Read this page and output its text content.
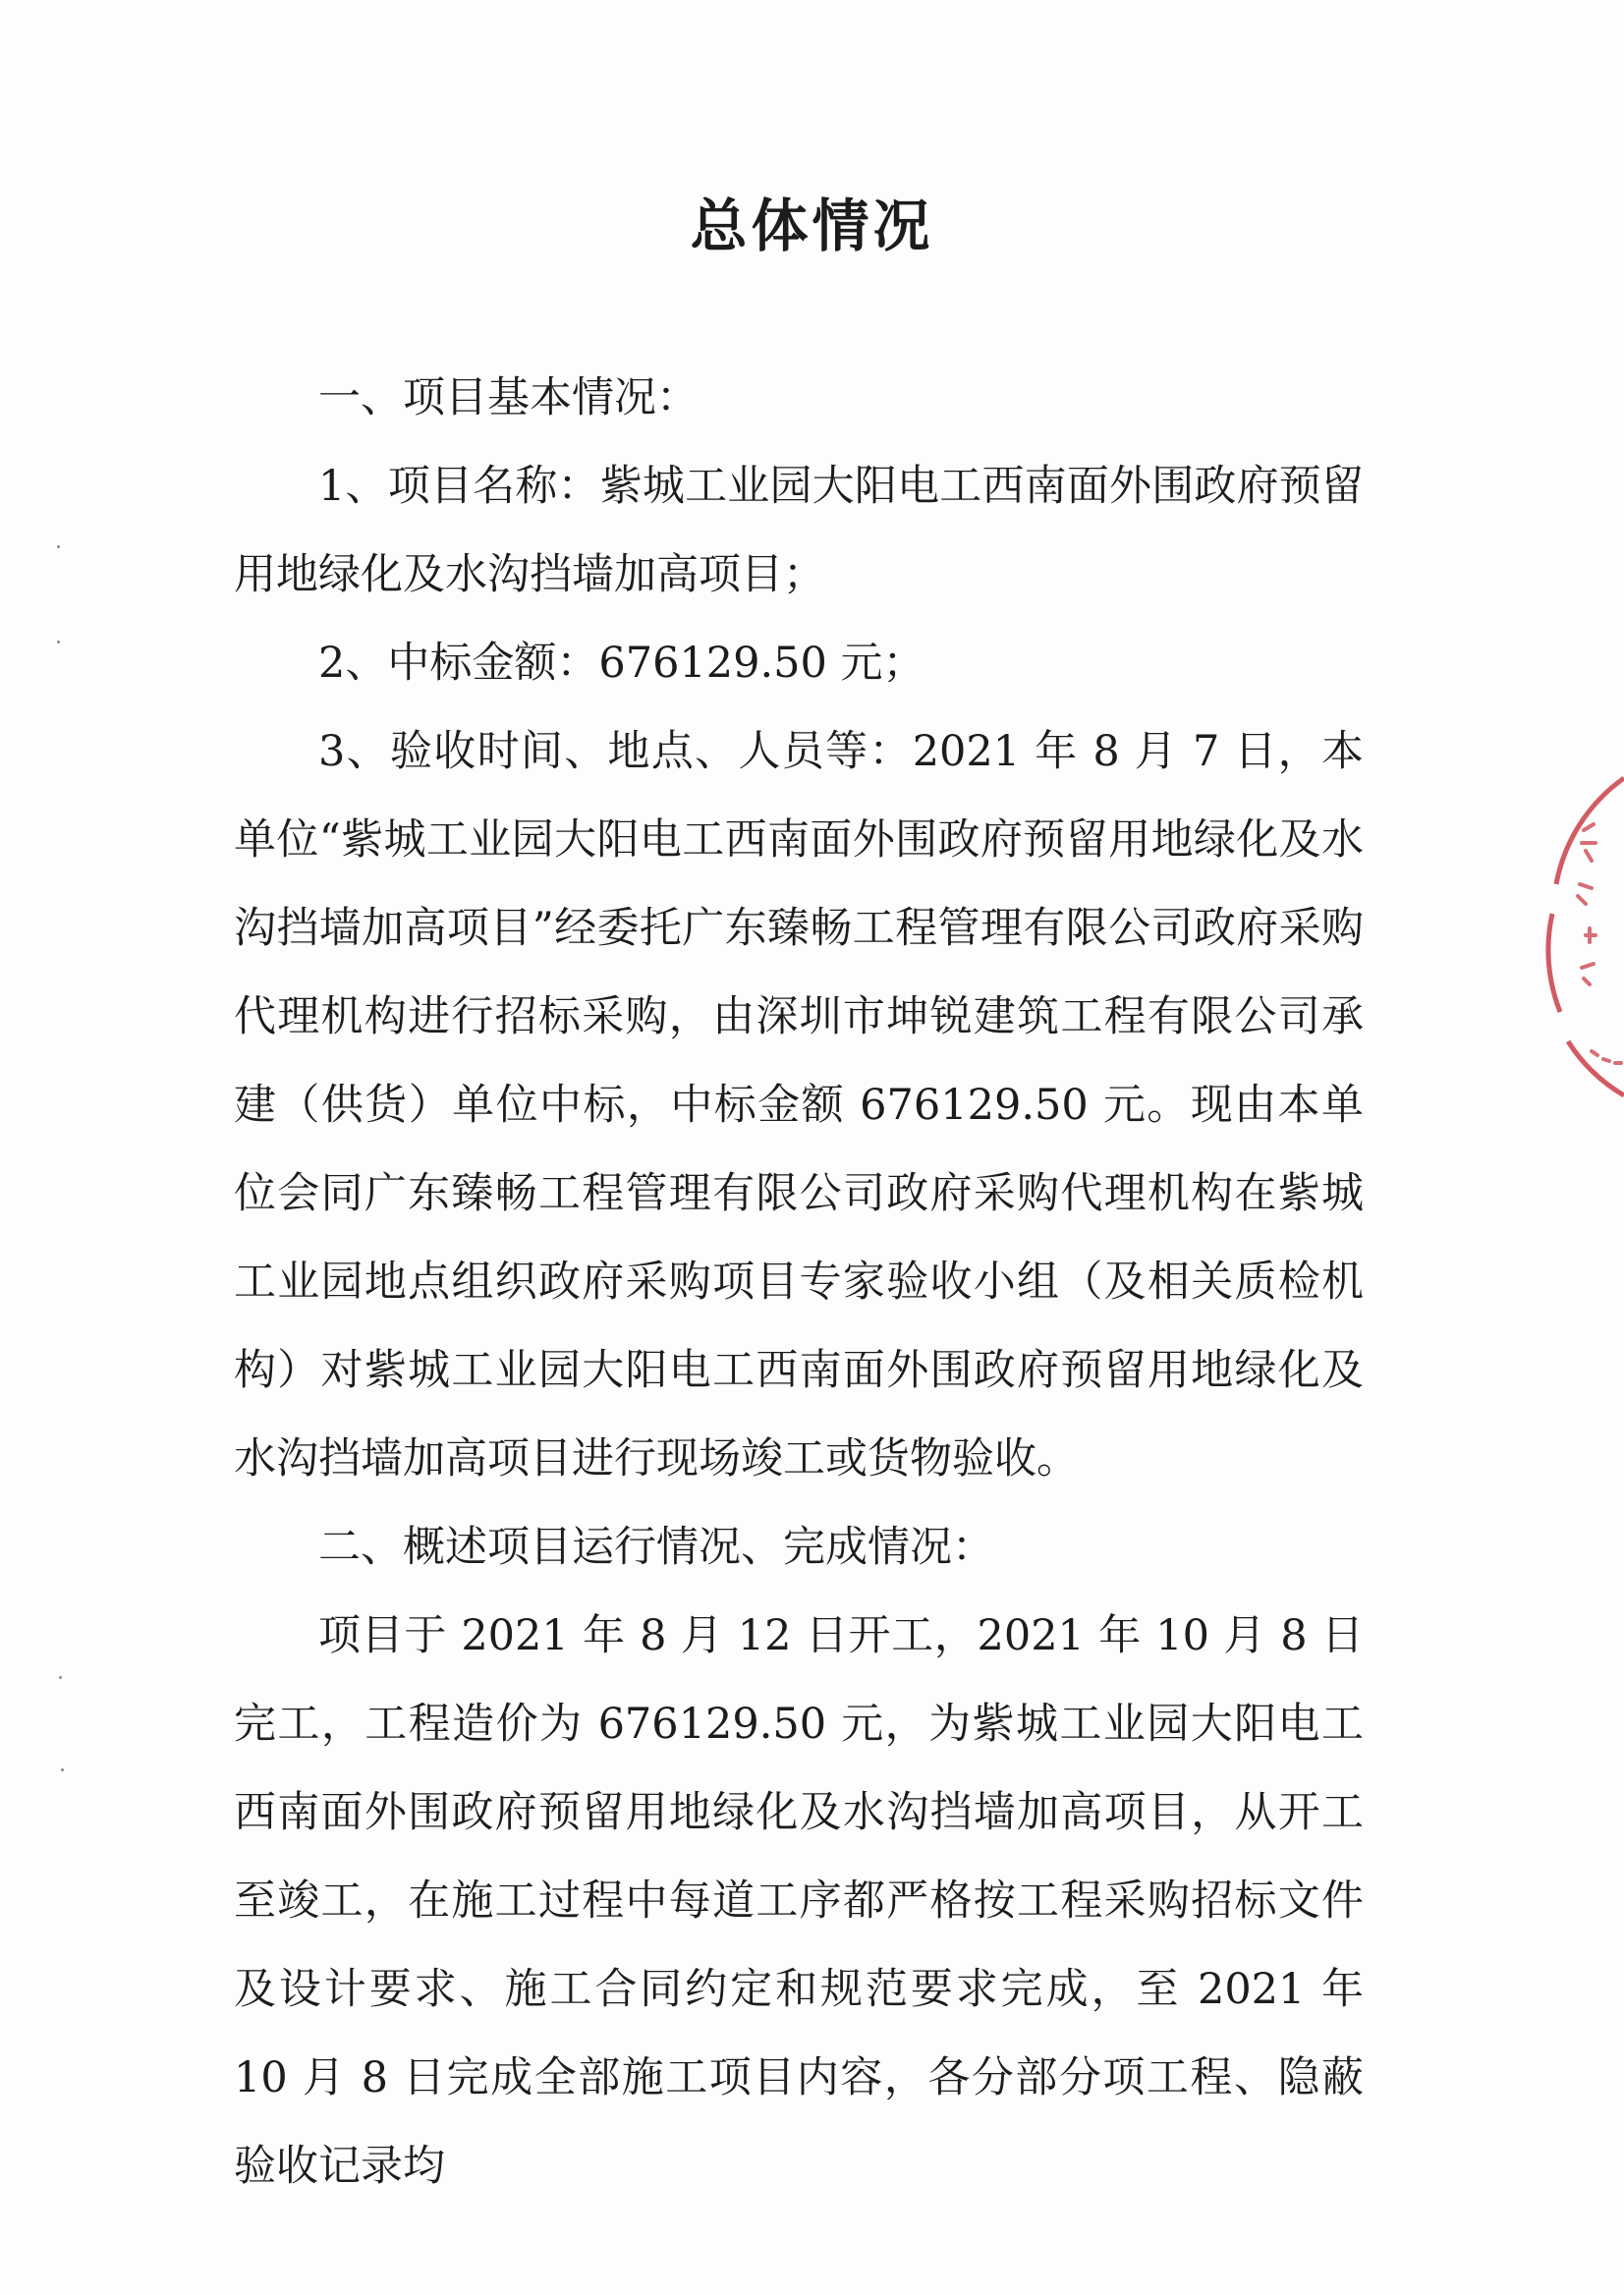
总体情况

一、项目基本情况：

1、项目名称：紫城工业园大阳电工西南面外围政府预留用地绿化及水沟挡墙加高项目；

2、中标金额：676129.50 元；

3、验收时间、地点、人员等：2021 年 8 月 7 日，本单位“紫城工业园大阳电工西南面外围政府预留用地绿化及水沟挡墙加高项目”经委托广东臻畅工程管理有限公司政府采购代理机构进行招标采购，由深圳市坤锐建筑工程有限公司承建（供货）单位中标，中标金额 676129.50 元。现由本单位会同广东臻畅工程管理有限公司政府采购代理机构在紫城工业园地点组织政府采购项目专家验收小组（及相关质检机构）对紫城工业园大阳电工西南面外围政府预留用地绿化及水沟挡墙加高项目进行现场竣工或货物验收。

二、概述项目运行情况、完成情况：

项目于 2021 年 8 月 12 日开工，2021 年 10 月 8 日完工，工程造价为 676129.50 元，为紫城工业园大阳电工西南面外围政府预留用地绿化及水沟挡墙加高项目，从开工至竣工，在施工过程中每道工序都严格按工程采购招标文件及设计要求、施工合同约定和规范要求完成，至 2021 年 10 月 8 日完成全部施工项目内容，各分部分项工程、隐蔽验收记录均
